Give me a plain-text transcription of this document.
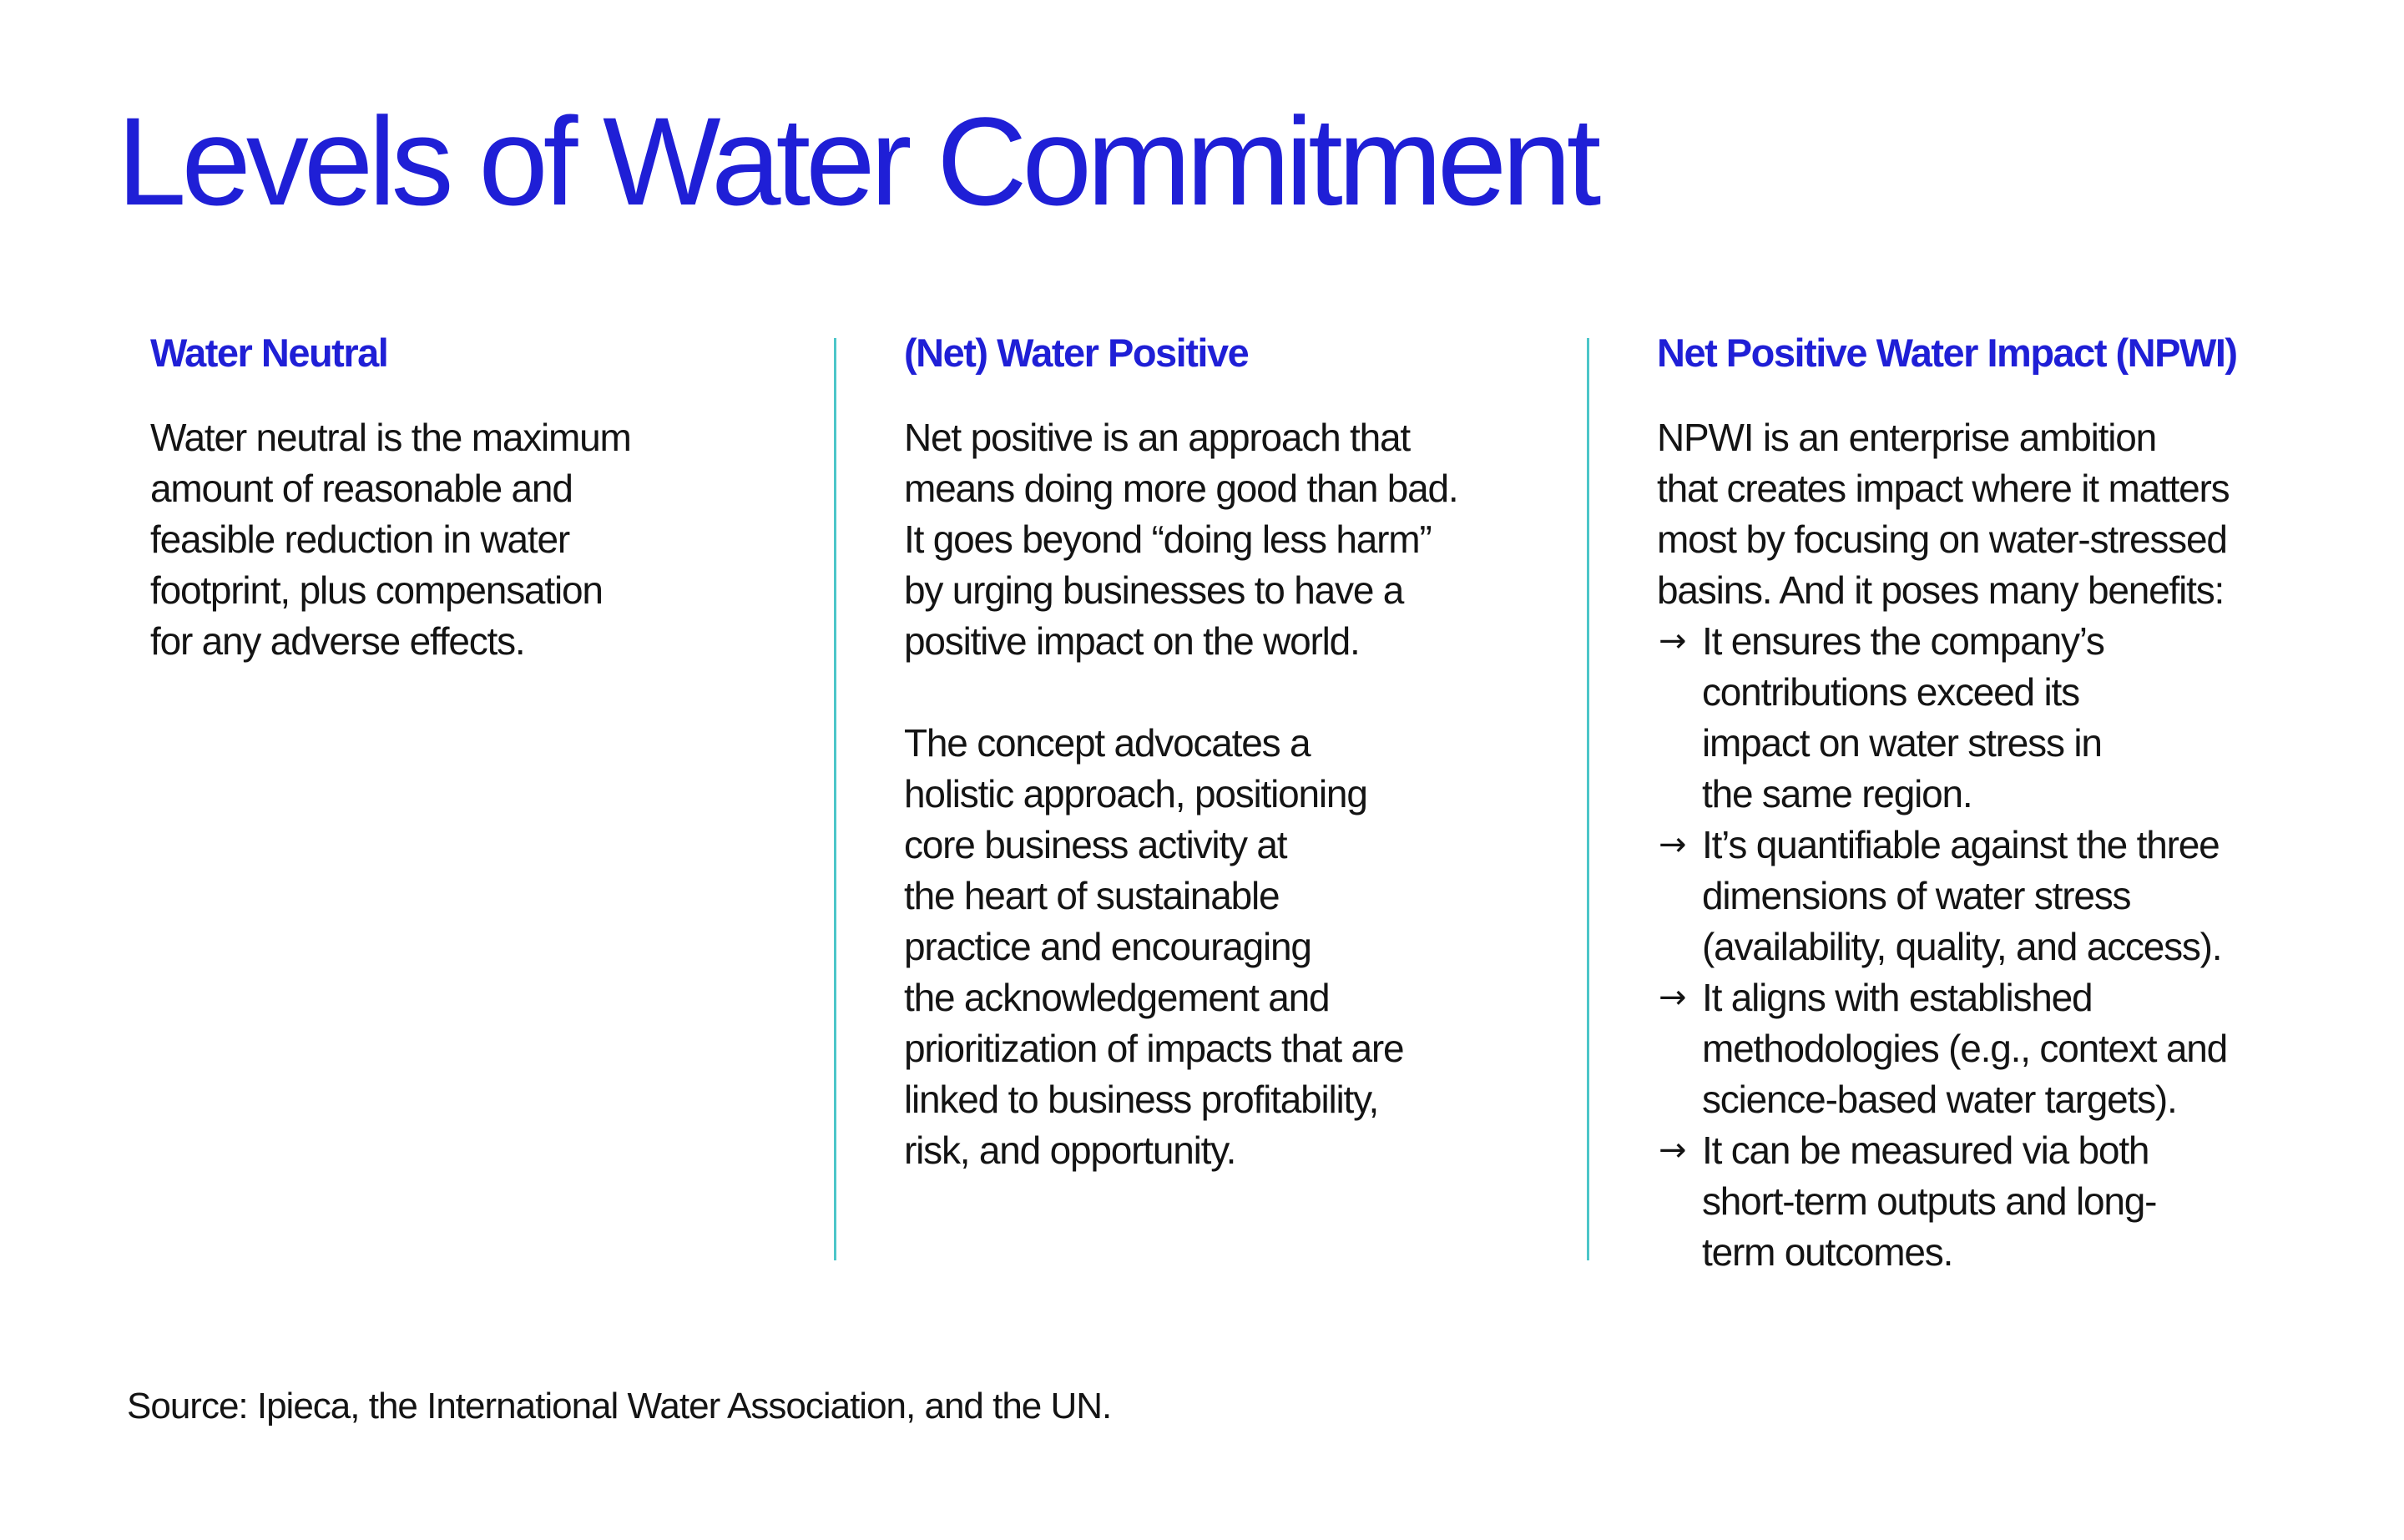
Levels of Water Commitment
Water Neutral

Water neutral is the maximum
amount of reasonable and
feasible reduction in water
footprint, plus compensation
for any adverse effects.

(Net) Water Positive

Net positive is an approach that
means doing more good than bad.
It goes beyond “doing less harm”
by urging businesses to have a
positive impact on the world.

The concept advocates a
holistic approach, positioning
core business activity at
the heart of sustainable
practice and encouraging
the acknowledgement and
prioritization of impacts that are
linked to business profitability,
risk, and opportunity.

Net Positive Water Impact (NPWI)

NPWI is an enterprise ambition
that creates impact where it matters
most by focusing on water-stressed
basins. And it poses many benefits:

→ It ensures the company’s
contributions exceed its
impact on water stress in
the same region.
→ It’s quantifiable against the three
dimensions of water stress
(availability, quality, and access).
→ It aligns with established
methodologies (e.g., context and
science-based water targets).
→ It can be measured via both
short-term outputs and long-
term outcomes.

Source: Ipieca, the International Water Association, and the UN.
